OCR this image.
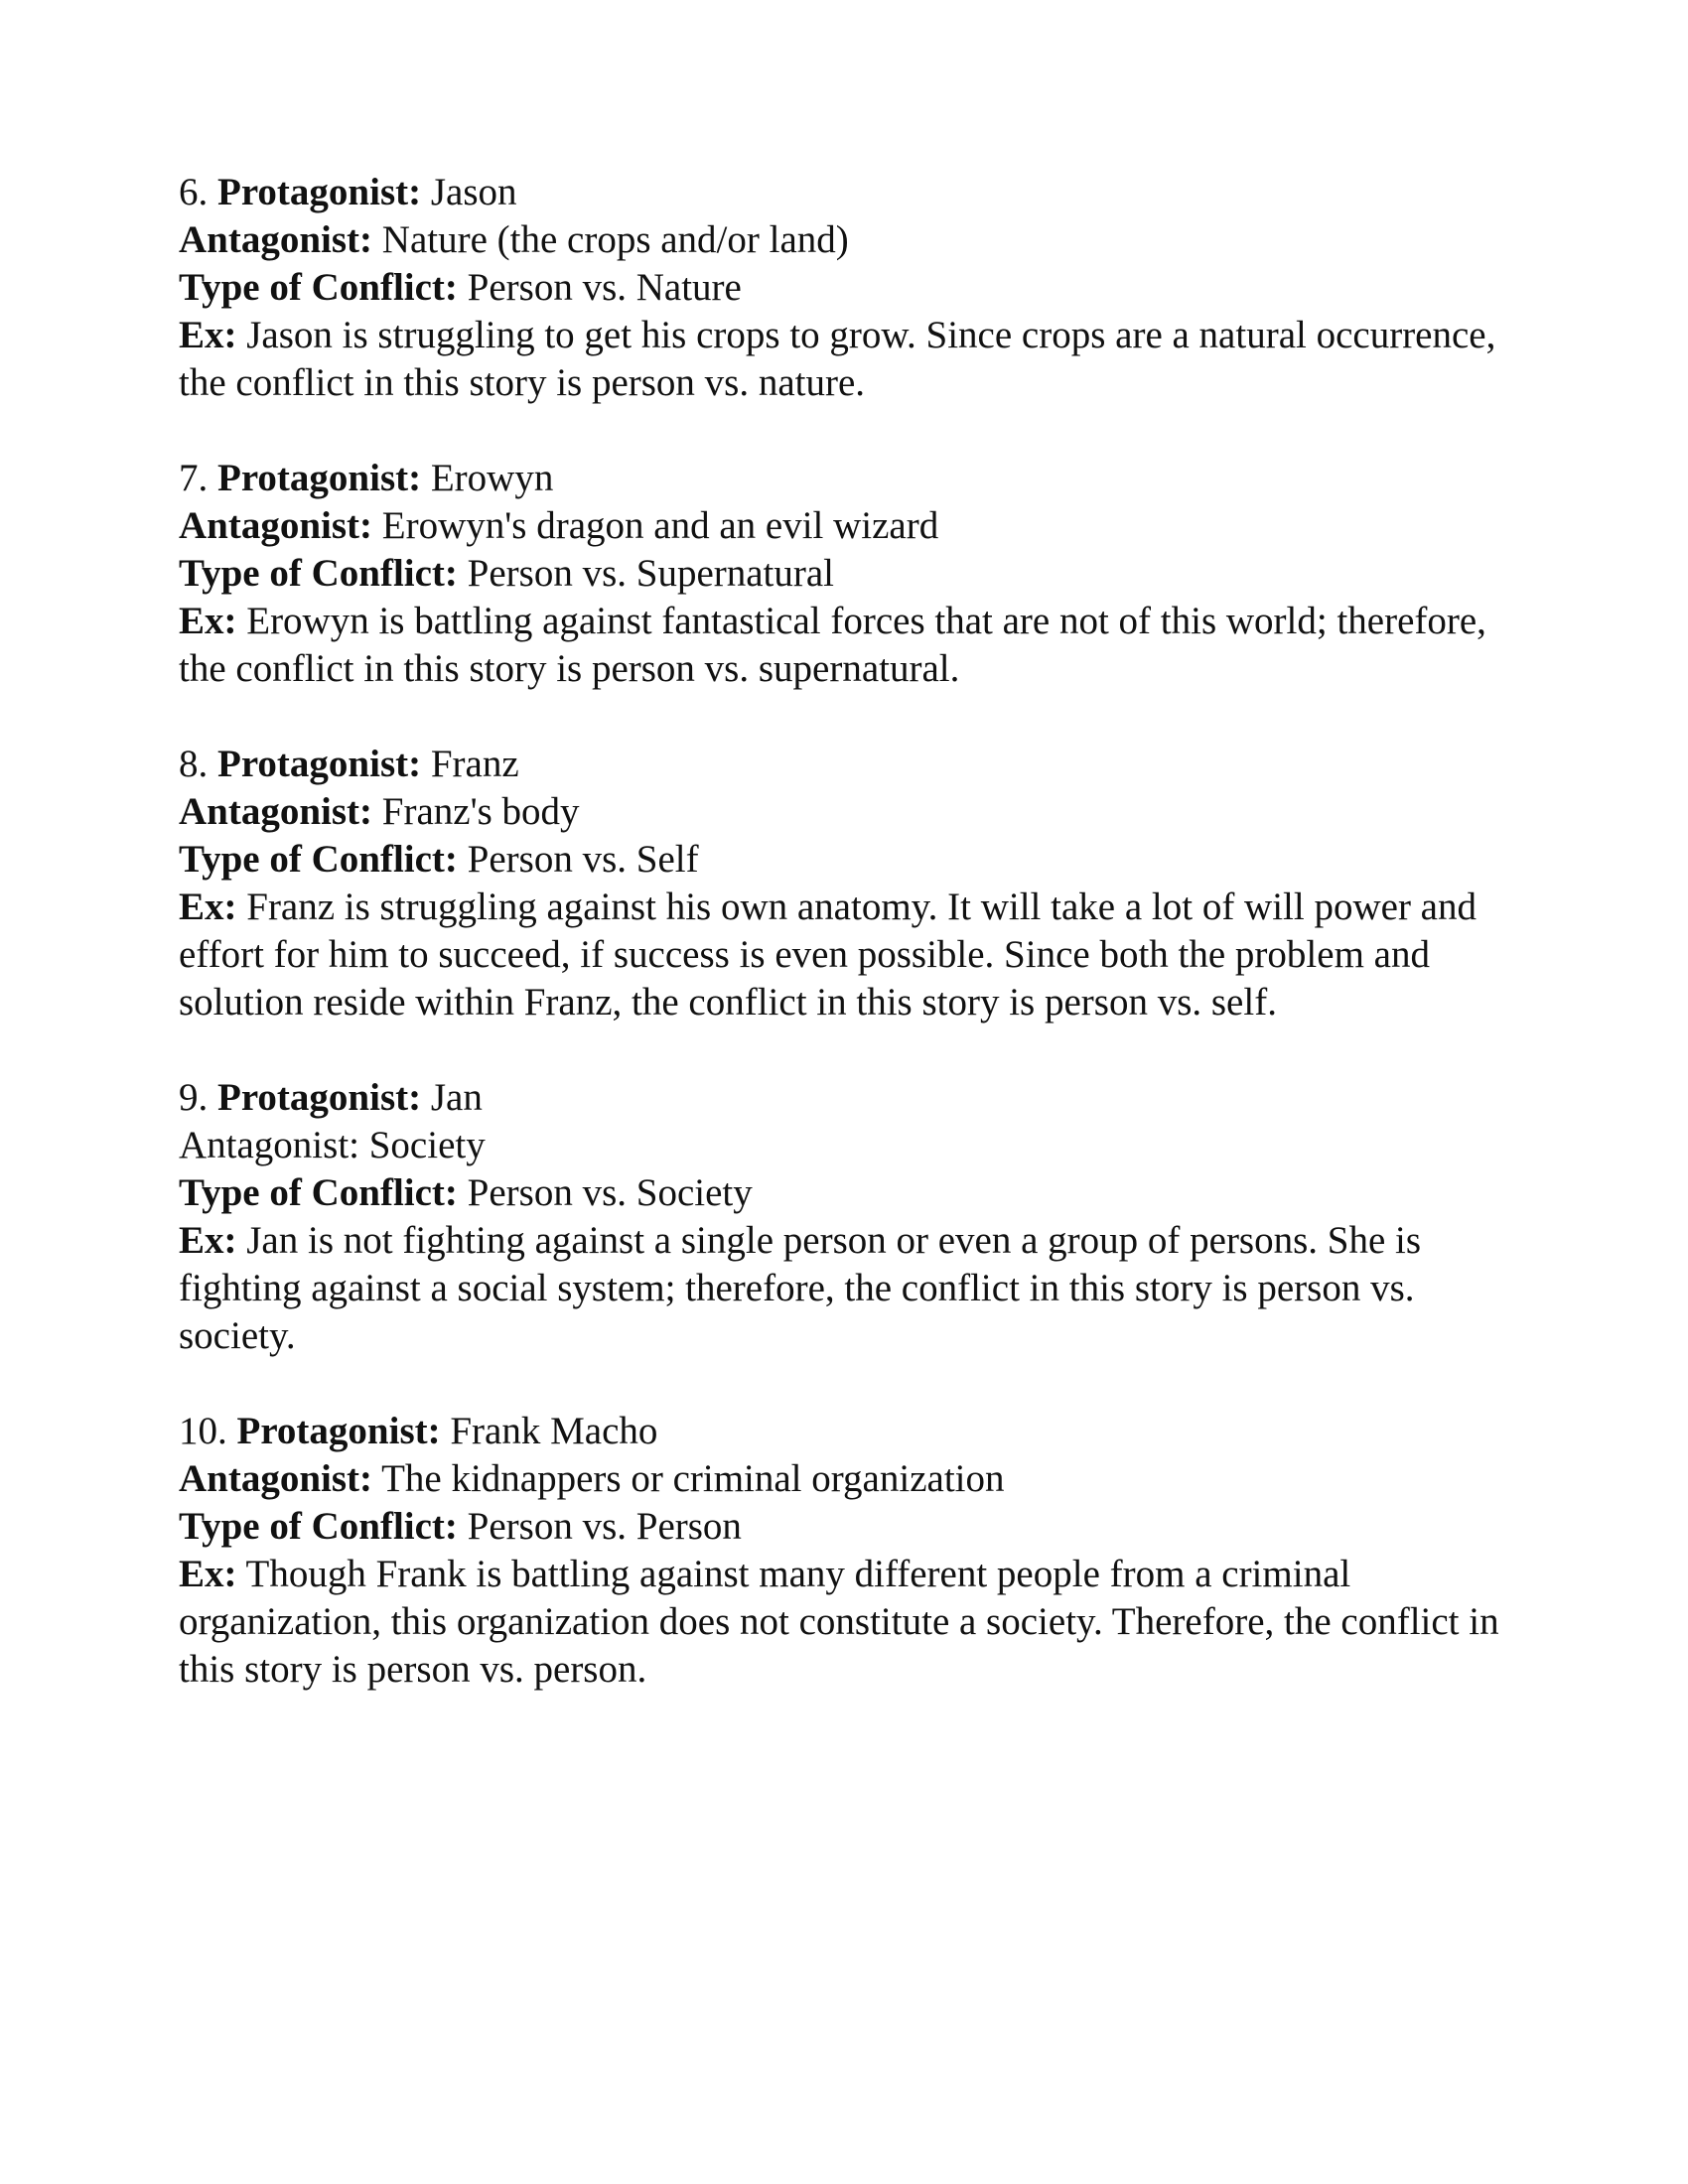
6. Protagonist: Jason

Antagonist: Nature (the crops and/or land)

Type of Conflict: Person vs. Nature

Ex: Jason is struggling to get his crops to grow. Since crops are a natural occurrence, the conflict in this story is person vs. nature.

7. Protagonist: Erowyn

Antagonist: Erowyn's dragon and an evil wizard

Type of Conflict: Person vs. Supernatural

Ex: Erowyn is battling against fantastical forces that are not of this world; therefore, the conflict in this story is person vs. supernatural.

8. Protagonist: Franz

Antagonist: Franz's body

Type of Conflict: Person vs. Self

Ex: Franz is struggling against his own anatomy. It will take a lot of will power and effort for him to succeed, if success is even possible. Since both the problem and solution reside within Franz, the conflict in this story is person vs. self.

9. Protagonist: Jan

Antagonist: Society

Type of Conflict: Person vs. Society

Ex: Jan is not fighting against a single person or even a group of persons. She is fighting against a social system; therefore, the conflict in this story is person vs. society.

10. Protagonist: Frank Macho

Antagonist: The kidnappers or criminal organization

Type of Conflict: Person vs. Person

Ex: Though Frank is battling against many different people from a criminal organization, this organization does not constitute a society. Therefore, the conflict in this story is person vs. person.
